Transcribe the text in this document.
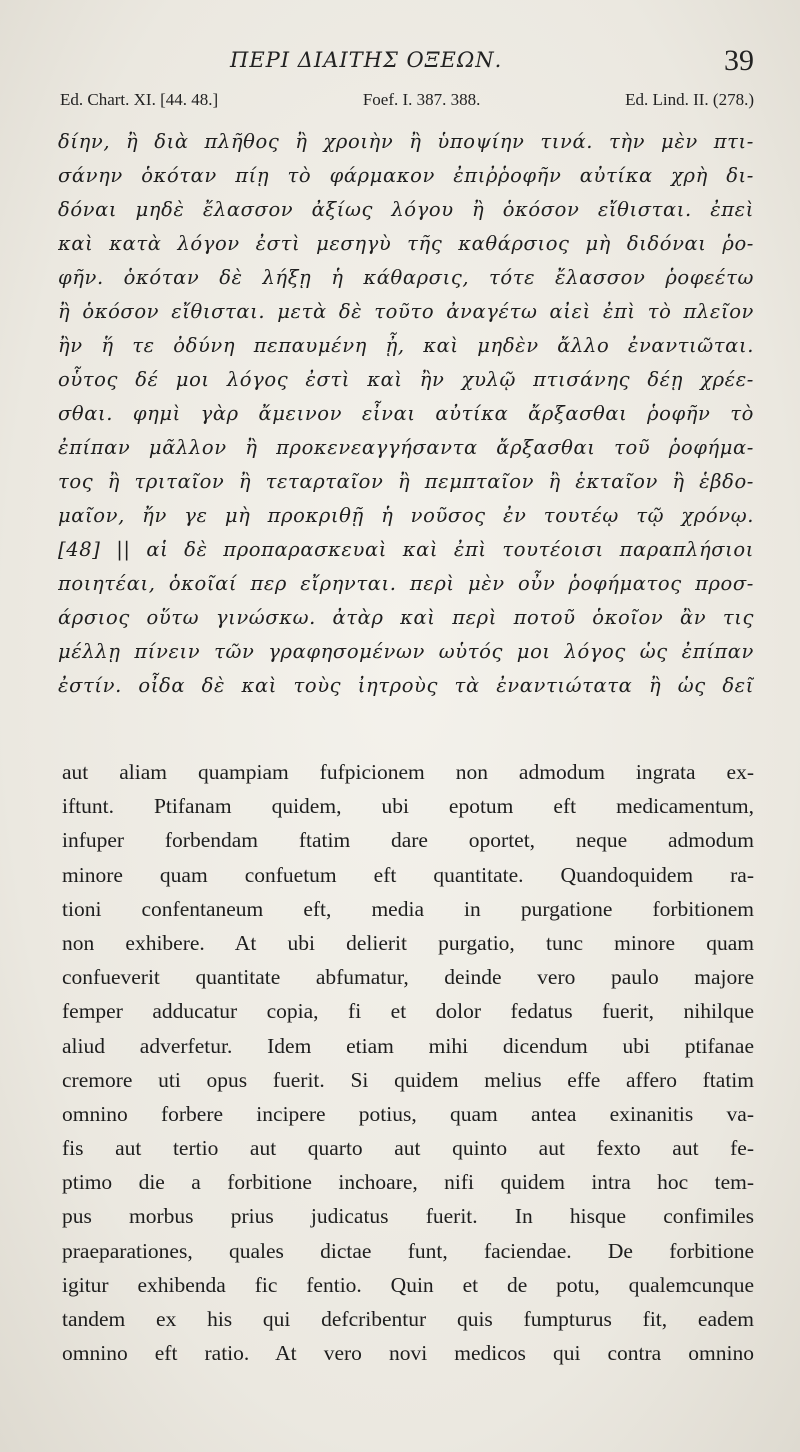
ΠΕΡΙ ΔΙΑΙΤΗΣ ΟΞΕΩΝ.	39
Ed. Chart. XI. [44. 48.]	Foef. I. 387. 388.	Ed. Lind. II. (278.)
δίην, ἢ διὰ πλῆθος ἢ χροιὴν ἢ ὑποψίην τινά. τὴν μὲν πτι-
σάνην ὁκόταν πίῃ τὸ φάρμακον ἐπιῤῥοφῆν αὐτίκα χρὴ δι-
δόναι μηδὲ ἔλασσον ἀξίως λόγου ἢ ὁκόσον εἴθισται. ἐπεὶ
καὶ κατὰ λόγον ἐστὶ μεσηγὺ τῆς καθάρσιος μὴ διδόναι ῥο-
φῆν. ὁκόταν δὲ λήξῃ ἡ κάθαρσις, τότε ἔλασσον ῥοφεέτω
ἢ ὁκόσον εἴθισται. μετὰ δὲ τοῦτο ἀναγέτω αἰεὶ ἐπὶ τὸ πλεῖον
ἢν ἥ τε ὀδύνη πεπαυμένη ᾖ, καὶ μηδὲν ἄλλο ἐναντιῶται.
οὗτος δέ μοι λόγος ἐστὶ καὶ ἢν χυλῷ πτισάνης δέῃ χρέε-
σθαι. φημὶ γὰρ ἄμεινον εἶναι αὐτίκα ἄρξασθαι ῥοφῆν τὸ
ἐπίπαν μᾶλλον ἢ προκενεαγγήσαντα ἄρξασθαι τοῦ ῥοφήμα-
τος ἢ τριταῖον ἢ τεταρταῖον ἢ πεμπταῖον ἢ ἑκταῖον ἢ ἑβδο-
μαῖον, ἤν γε μὴ προκριθῇ ἡ νοῦσος ἐν τουτέῳ τῷ χρόνῳ.
[48] || αἱ δὲ προπαρασκευαὶ καὶ ἐπὶ τουτέοισι παραπλήσιοι
ποιητέαι, ὁκοῖαί περ εἴρηνται. περὶ μὲν οὖν ῥοφήματος προσ-
άρσιος οὕτω γινώσκω. ἀτὰρ καὶ περὶ ποτοῦ ὁκοῖον ἂν τις
μέλλῃ πίνειν τῶν γραφησομένων ωὑτός μοι λόγος ὡς ἐπίπαν
ἐστίν. οἶδα δὲ καὶ τοὺς ἰητροὺς τὰ ἐναντιώτατα ἢ ὡς δεῖ
aut aliam quampiam fufpicionem non admodum ingrata ex-
iftunt. Ptifanam quidem, ubi epotum eft medicamentum,
infuper forbendam ftatim dare oportet, neque admodum
minore quam confuetum eft quantitate. Quandoquidem ra-
tioni confentaneum eft, media in purgatione forbitionem
non exhibere. At ubi delierit purgatio, tunc minore quam
confueverit quantitate abfumatur, deinde vero paulo majore
femper adducatur copia, fi et dolor fedatus fuerit, nihilque
aliud adverfetur. Idem etiam mihi dicendum ubi ptifanae
cremore uti opus fuerit. Si quidem melius effe affero ftatim
omnino forbere incipere potius, quam antea exinanitis va-
fis aut tertio aut quarto aut quinto aut fexto aut fe-
ptimo die a forbitione inchoare, nifi quidem intra hoc tem-
pus morbus prius judicatus fuerit. In hisque confimiles
praeparationes, quales dictae funt, faciendae. De forbitione
igitur exhibenda fic fentio. Quin et de potu, qualemcunque
tandem ex his qui defcribentur quis fumpturus fit, eadem
omnino eft ratio. At vero novi medicos qui contra omnino
